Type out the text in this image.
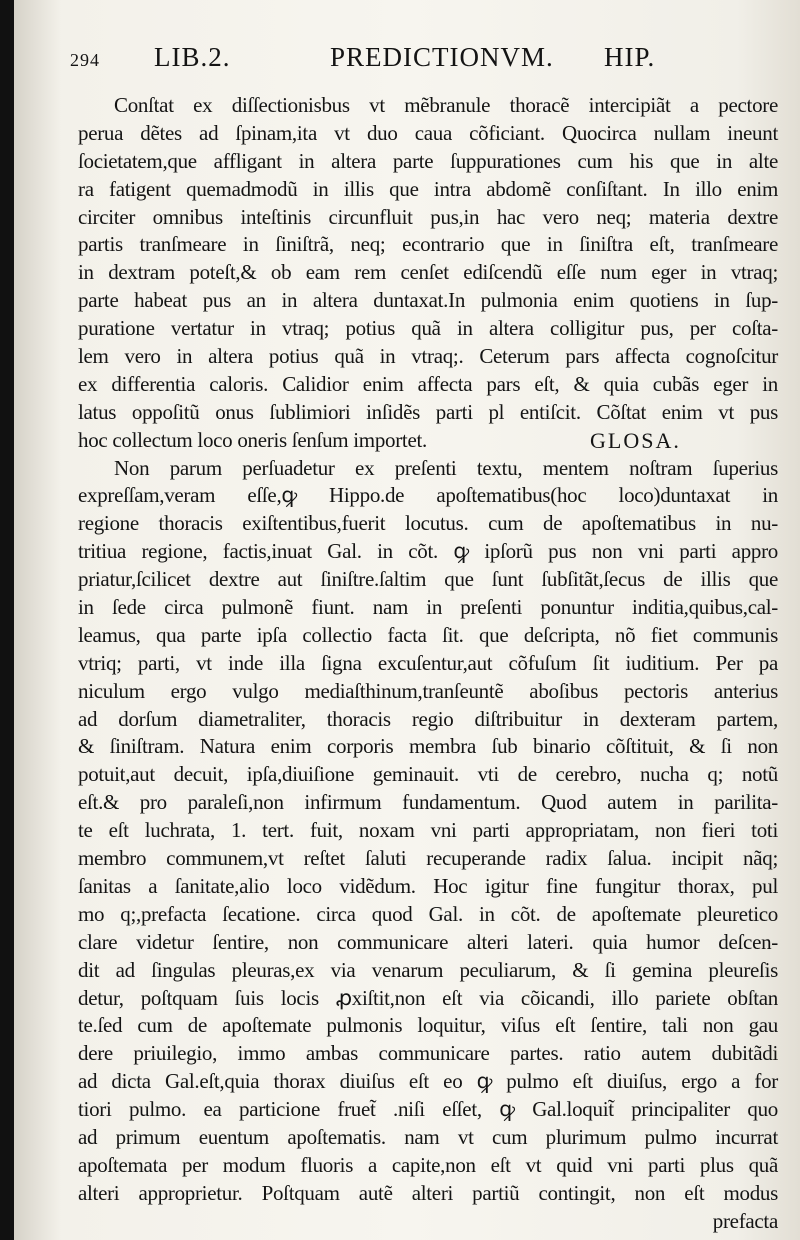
294 LIB.2.	PREDICTIONVM. HIP.
Conſtat ex diſſectionisbus vt mẽbranule thoracẽ intercipiãt a pectore
perua dẽtes ad ſpinam,ita vt duo caua cõficiant. Quocirca nullam ineunt
ſocietatem,que affligant in altera parte ſuppurationes cum his que in alte
ra fatigent quemadmodũ in illis que intra abdomẽ conſiſtant. In illo enim
circiter omnibus inteſtinis circunfluit pus,in hac vero neq; materia dextre
partis tranſmeare in ſiniſtrã, neq; econtrario que in ſiniſtra eſt, tranſmeare
in dextram poteſt,& ob eam rem cenſet ediſcendũ eſſe num eger in vtraq;
parte habeat pus an in altera duntaxat.In pulmonia enim quotiens in ſup-
puratione vertatur in vtraq; potius quã in altera colligitur pus, per coſta-
lem vero in altera potius quã in vtraq;. Ceterum pars affecta cognoſcitur
ex differentia caloris. Calidior enim affecta pars eſt, & quia cubãs eger in
latus oppoſitũ onus ſublimiori inſidẽs parti pl entiſcit. Cõſtat enim vt pus
hoc collectum loco oneris ſenſum importet.	GLOSA.
Non parum perſuadetur ex preſenti textu, mentem noſtram ſuperius
expreſſam,veram eſſe,ꝙ Hippo.de apoſtematibus(hoc loco)duntaxat in
regione thoracis exiſtentibus,fuerit locutus. cum de apoſtematibus in nu-
tritiua regione, factis,inuat Gal. in cõt. ꝙ ipſorũ pus non vni parti appro
priatur,ſcilicet dextre aut ſiniſtre.ſaltim que ſunt ſubſitãt,ſecus de illis que
in ſede circa pulmonẽ fiunt. nam in preſenti ponuntur inditia,quibus,cal-
leamus, qua parte ipſa collectio facta ſit. que deſcripta, nõ fiet communis
vtriq; parti, vt inde illa ſigna excuſentur,aut cõfuſum ſit iuditium. Per pa
niculum ergo vulgo mediaſthinum,tranſeuntẽ aboſibus pectoris anterius
ad dorſum diametraliter, thoracis regio diſtribuitur in dexteram partem,
& ſiniſtram. Natura enim corporis membra ſub binario cõſtituit, & ſi non
potuit,aut decuit, ipſa,diuiſione geminauit. vti de cerebro, nucha q; notũ
eſt.& pro paraleſi,non infirmum fundamentum. Quod autem in parilita-
te eſt luchrata, 1. tert. fuit, noxam vni parti appropriatam, non fieri toti
membro communem,vt reſtet ſaluti recuperande radix ſalua. incipit nãq;
ſanitas a ſanitate,alio loco vidẽdum. Hoc igitur fine fungitur thorax, pul
mo q;,prefacta ſecatione. circa quod Gal. in cõt. de apoſtemate pleuretico
clare videtur ſentire, non communicare alteri lateri. quia humor deſcen-
dit ad ſingulas pleuras,ex via venarum peculiarum, & ſi gemina pleureſis
detur, poſtquam ſuis locis ꝓxiſtit,non eſt via cõicandi, illo pariete obſtan
te.ſed cum de apoſtemate pulmonis loquitur, viſus eſt ſentire, tali non gau
dere priuilegio, immo ambas communicare partes. ratio autem dubitãdi
ad dicta Gal.eſt,quia thorax diuiſus eſt eo ꝙ pulmo eſt diuiſus, ergo a for
tiori pulmo. ea particione fruet̃ .niſi eſſet, ꝙ Gal.loquit̃ principaliter quo
ad primum euentum apoſtematis. nam vt cum plurimum pulmo incurrat
apoſtemata per modum fluoris a capite,non eſt vt quid vni parti plus quã
alteri approprietur. Poſtquam autẽ alteri partiũ contingit, non eſt modus
prefacta
